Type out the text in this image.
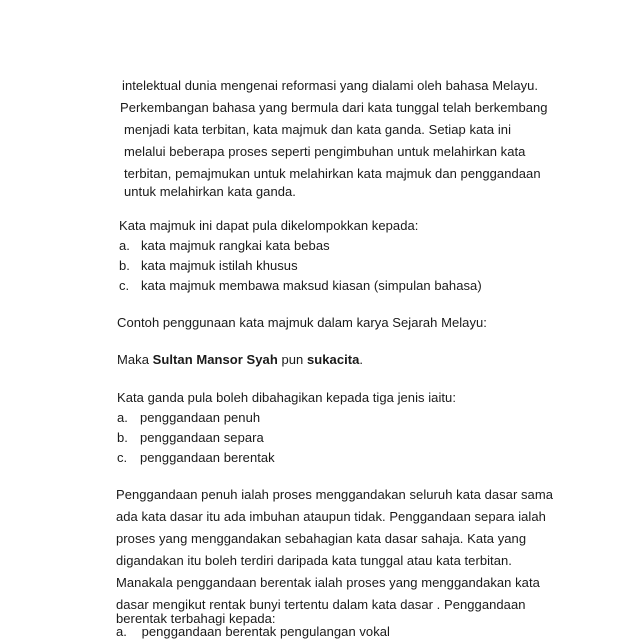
intelektual dunia mengenai reformasi yang dialami oleh bahasa Melayu.
Perkembangan bahasa yang bermula dari kata tunggal telah berkembang
menjadi kata terbitan, kata majmuk dan kata ganda. Setiap kata ini
melalui beberapa proses seperti pengimbuhan untuk melahirkan kata
terbitan, pemajmukan untuk melahirkan kata majmuk dan penggandaan
untuk melahirkan kata ganda.
Kata majmuk ini dapat pula dikelompokkan kepada:
a. kata majmuk rangkai kata bebas
b. kata majmuk istilah khusus
c. kata majmuk membawa maksud kiasan (simpulan bahasa)
Contoh penggunaan kata majmuk dalam karya Sejarah Melayu:
Maka Sultan Mansor Syah pun sukacita.
Kata ganda pula boleh dibahagikan kepada tiga jenis iaitu:
a. penggandaan penuh
b. penggandaan separa
c. penggandaan berentak
Penggandaan penuh ialah proses menggandakan seluruh kata dasar sama
ada kata dasar itu ada imbuhan ataupun tidak. Penggandaan separa ialah
proses yang menggandakan sebahagian kata dasar sahaja. Kata yang
digandakan itu boleh terdiri daripada kata tunggal atau kata terbitan.
Manakala penggandaan berentak ialah proses yang menggandakan kata
dasar mengikut rentak bunyi tertentu dalam kata dasar . Penggandaan
berentak terbahagi kepada:
a.    penggandaan berentak pengulangan vokal
